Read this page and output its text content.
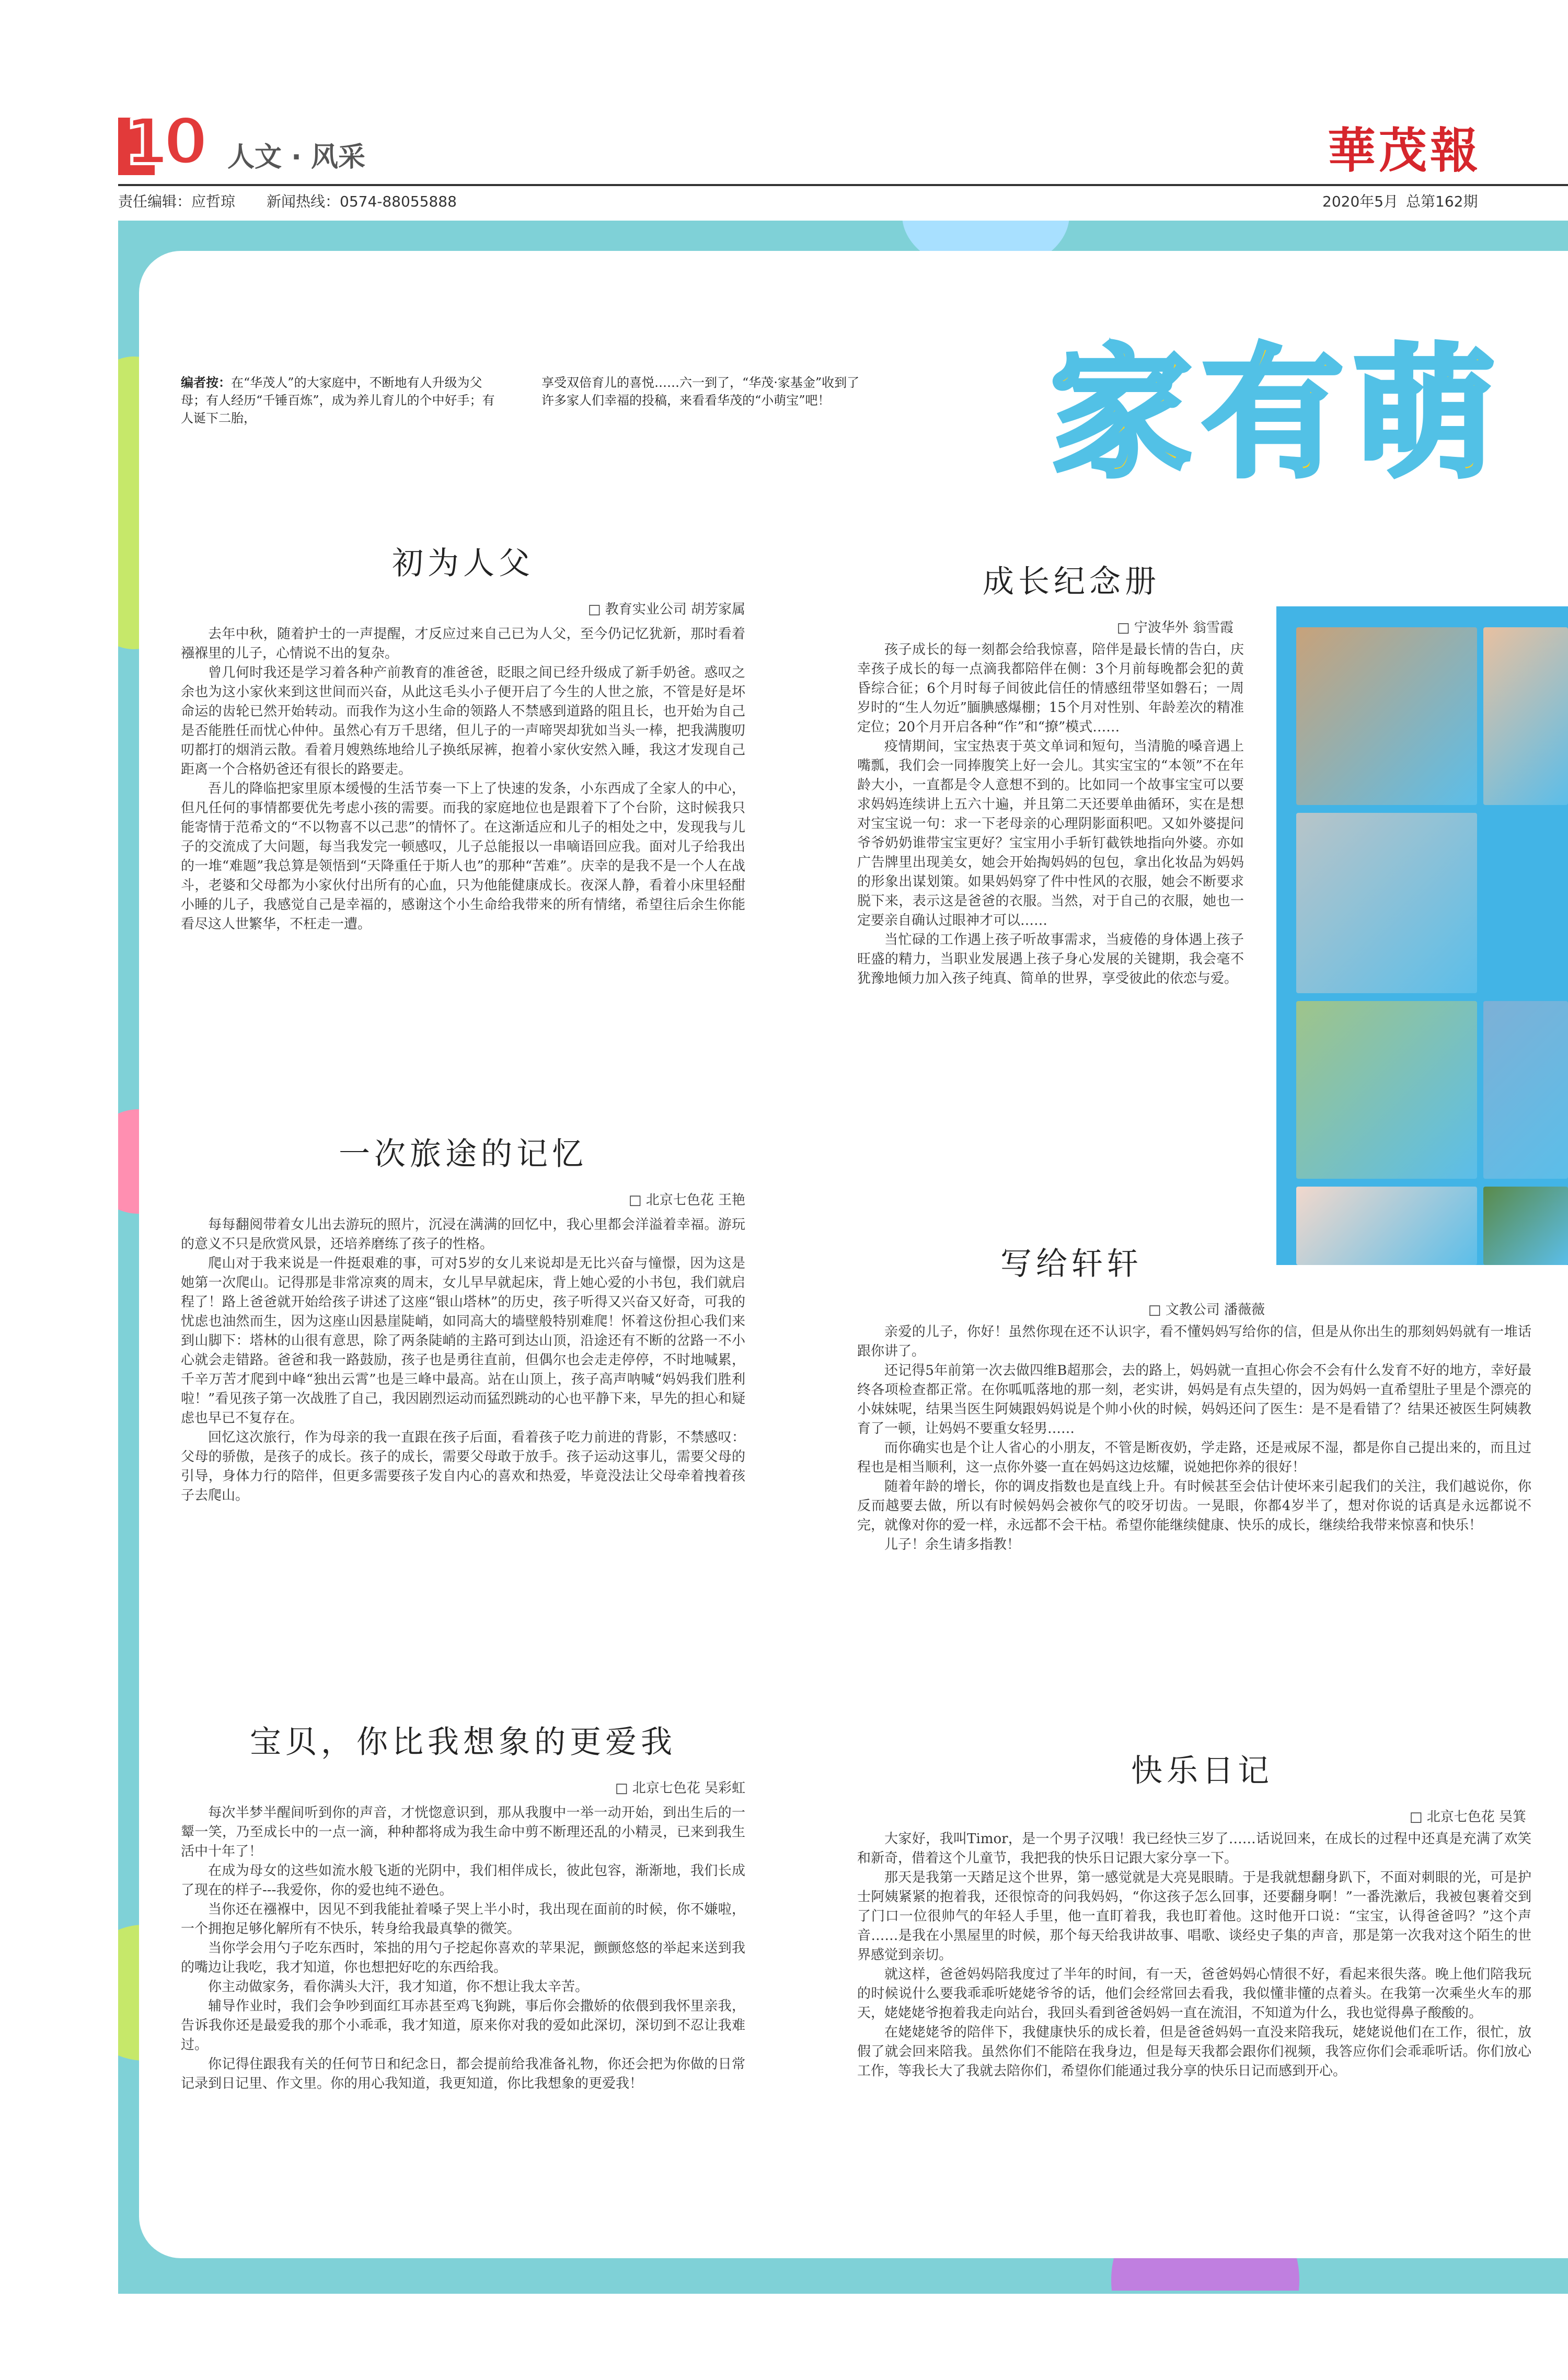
10 人文 · 风采	華茂報
责任编辑：应哲琼 新闻热线：0574-88055888	2020年5月 总第162期
家有萌
编者按：在“华茂人”的大家庭中，不断地有人升级为父母；有人经历“千锤百炼”，成为养儿育儿的个中好手；有人诞下二胎，
享受双倍育儿的喜悦……六一到了，“华茂·家基金”收到了许多家人们幸福的投稿，来看看华茂的“小萌宝”吧！
初为人父
□ 教育实业公司 胡芳家属

去年中秋，随着护士的一声提醒，才反应过来自己已为人父，至今仍记忆犹新，那时看着襁褓里的儿子，心情说不出的复杂。

曾几何时我还是学习着各种产前教育的准爸爸，眨眼之间已经升级成了新手奶爸。惑叹之余也为这小家伙来到这世间而兴奋，从此这毛头小子便开启了今生的人世之旅，不管是好是坏命运的齿轮已然开始转动。而我作为这小生命的领路人不禁感到道路的阻且长，也开始为自己是否能胜任而忧心仲仲。虽然心有万千思绪，但儿子的一声啼哭却犹如当头一棒，把我满腹叨叨都打的烟消云散。看着月嫂熟练地给儿子换纸尿裤，抱着小家伙安然入睡，我这才发现自己距离一个合格奶爸还有很长的路要走。

吾儿的降临把家里原本缓慢的生活节奏一下上了快速的发条，小东西成了全家人的中心，但凡任何的事情都要优先考虑小孩的需要。而我的家庭地位也是跟着下了个台阶，这时候我只能寄情于范希文的“不以物喜不以己悲”的情怀了。在这渐适应和儿子的相处之中，发现我与儿子的交流成了大问题，每当我发完一顿感叹，儿子总能报以一串嘀语回应我。面对儿子给我出的一堆“难题”我总算是领悟到“天降重任于斯人也”的那种“苦难”。庆幸的是我不是一个人在战斗，老婆和父母都为小家伙付出所有的心血，只为他能健康成长。夜深人静，看着小床里轻酣小睡的儿子，我感觉自己是幸福的，感谢这个小生命给我带来的所有情绪，希望往后余生你能看尽这人世繁华，不枉走一遭。

一次旅途的记忆
□ 北京七色花 王艳

每每翻阅带着女儿出去游玩的照片，沉浸在满满的回忆中，我心里都会洋溢着幸福。游玩的意义不只是欣赏风景，还培养磨练了孩子的性格。

爬山对于我来说是一件挺艰难的事，可对5岁的女儿来说却是无比兴奋与憧憬，因为这是她第一次爬山。记得那是非常凉爽的周末，女儿早早就起床，背上她心爱的小书包，我们就启程了！路上爸爸就开始给孩子讲述了这座“银山塔林”的历史，孩子听得又兴奋又好奇，可我的忧虑也油然而生，因为这座山因悬崖陡峭，如同高大的墙壁般特别难爬！怀着这份担心我们来到山脚下：塔林的山很有意思，除了两条陡峭的主路可到达山顶，沿途还有不断的岔路一不小心就会走错路。爸爸和我一路鼓励，孩子也是勇往直前，但偶尔也会走走停停，不时地喊累，千辛万苦才爬到中峰“独出云霄”也是三峰中最高。站在山顶上，孩子高声呐喊“妈妈我们胜利啦！”看见孩子第一次战胜了自己，我因剧烈运动而猛烈跳动的心也平静下来，早先的担心和疑虑也早已不复存在。

回忆这次旅行，作为母亲的我一直跟在孩子后面，看着孩子吃力前进的背影，不禁感叹：父母的骄傲，是孩子的成长。孩子的成长，需要父母敢于放手。孩子运动这事儿，需要父母的引导，身体力行的陪伴，但更多需要孩子发自内心的喜欢和热爱，毕竟没法让父母牵着拽着孩子去爬山。

宝贝，你比我想象的更爱我
□ 北京七色花 吴彩虹

每次半梦半醒间听到你的声音，才恍惚意识到，那从我腹中一举一动开始，到出生后的一颦一笑，乃至成长中的一点一滴，种种都将成为我生命中剪不断理还乱的小精灵，已来到我生活中十年了！

在成为母女的这些如流水般飞逝的光阴中，我们相伴成长，彼此包容，渐渐地，我们长成了现在的样子---我爱你，你的爱也纯不逊色。

当你还在襁褓中，因见不到我能扯着嗓子哭上半小时，我出现在面前的时候，你不嫌啦，一个拥抱足够化解所有不快乐，转身给我最真挚的微笑。

当你学会用勺子吃东西时，笨拙的用勺子挖起你喜欢的苹果泥，颤颤悠悠的举起来送到我的嘴边让我吃，我才知道，你也想把好吃的东西给我。

你主动做家务，看你满头大汗，我才知道，你不想让我太辛苦。

辅导作业时，我们会争吵到面红耳赤甚至鸡飞狗跳，事后你会撒娇的依偎到我怀里亲我，告诉我你还是最爱我的那个小乖乖，我才知道，原来你对我的爱如此深切，深切到不忍让我难过。

你记得住跟我有关的任何节日和纪念日，都会提前给我准备礼物，你还会把为你做的日常记录到日记里、作文里。你的用心我知道，我更知道，你比我想象的更爱我！

成长纪念册
□ 宁波华外 翁雪霞

孩子成长的每一刻都会给我惊喜，陪伴是最长情的告白，庆幸孩子成长的每一点滴我都陪伴在侧：3个月前每晚都会犯的黄昏综合征；6个月时每子间彼此信任的情感纽带坚如磐石；一周岁时的“生人勿近”腼腆感爆棚；15个月对性别、年龄差次的精准定位；20个月开启各种“作”和“撩”模式……

疫情期间，宝宝热衷于英文单词和短句，当清脆的嗓音遇上嘴瓢，我们会一同捧腹笑上好一会儿。其实宝宝的“本领”不在年龄大小，一直都是令人意想不到的。比如同一个故事宝宝可以要求妈妈连续讲上五六十遍，并且第二天还要单曲循环，实在是想对宝宝说一句：求一下老母亲的心理阴影面积吧。又如外婆提问爷爷奶奶谁带宝宝更好？宝宝用小手斩钉截铁地指向外婆。亦如广告牌里出现美女，她会开始掏妈妈的包包，拿出化妆品为妈妈的形象出谋划策。如果妈妈穿了件中性风的衣服，她会不断要求脱下来，表示这是爸爸的衣服。当然，对于自己的衣服，她也一定要亲自确认过眼神才可以……

当忙碌的工作遇上孩子听故事需求，当疲倦的身体遇上孩子旺盛的精力，当职业发展遇上孩子身心发展的关键期，我会毫不犹豫地倾力加入孩子纯真、简单的世界，享受彼此的依恋与爱。

写给轩轩
□ 文教公司 潘薇薇

亲爱的儿子，你好！虽然你现在还不认识字，看不懂妈妈写给你的信，但是从你出生的那刻妈妈就有一堆话跟你讲了。

还记得5年前第一次去做四维B超那会，去的路上，妈妈就一直担心你会不会有什么发育不好的地方，幸好最终各项检查都正常。在你呱呱落地的那一刻，老实讲，妈妈是有点失望的，因为妈妈一直希望肚子里是个漂亮的小妹妹呢，结果当医生阿姨跟妈妈说是个帅小伙的时候，妈妈还问了医生：是不是看错了？结果还被医生阿姨教育了一顿，让妈妈不要重女轻男……

而你确实也是个让人省心的小朋友，不管是断夜奶，学走路，还是戒尿不湿，都是你自己提出来的，而且过程也是相当顺利，这一点你外婆一直在妈妈这边炫耀，说她把你养的很好！

随着年龄的增长，你的调皮指数也是直线上升。有时候甚至会估计使坏来引起我们的关注，我们越说你，你反而越要去做，所以有时候妈妈会被你气的咬牙切齿。一晃眼，你都4岁半了，想对你说的话真是永远都说不完，就像对你的爱一样，永远都不会干枯。希望你能继续健康、快乐的成长，继续给我带来惊喜和快乐！

儿子！余生请多指教！

快乐日记
□ 北京七色花 吴箕

大家好，我叫Timor，是一个男子汉哦！我已经快三岁了……话说回来，在成长的过程中还真是充满了欢笑和新奇，借着这个儿童节，我把我的快乐日记跟大家分享一下。

那天是我第一天踏足这个世界，第一感觉就是大亮晃眼睛。于是我就想翻身趴下，不面对刺眼的光，可是护士阿姨紧紧的抱着我，还很惊奇的问我妈妈，“你这孩子怎么回事，还要翻身啊！”一番洗漱后，我被包裹着交到了门口一位很帅气的年轻人手里，他一直盯着我，我也盯着他。这时他开口说：“宝宝，认得爸爸吗？”这个声音……是我在小黑屋里的时候，那个每天给我讲故事、唱歌、谈经史子集的声音，那是第一次我对这个陌生的世界感觉到亲切。

就这样，爸爸妈妈陪我度过了半年的时间，有一天，爸爸妈妈心情很不好，看起来很失落。晚上他们陪我玩的时候说什么要我乖乖听姥姥爷爷的话，他们会经常回去看我，我似懂非懂的点着头。在我第一次乘坐火车的那天，姥姥姥爷抱着我走向站台，我回头看到爸爸妈妈一直在流泪，不知道为什么，我也觉得鼻子酸酸的。

在姥姥姥爷的陪伴下，我健康快乐的成长着，但是爸爸妈妈一直没来陪我玩，姥姥说他们在工作，很忙，放假了就会回来陪我。虽然你们不能陪在我身边，但是每天我都会跟你们视频，我答应你们会乖乖听话。你们放心工作，等我长大了我就去陪你们，希望你们能通过我分享的快乐日记而感到开心。
